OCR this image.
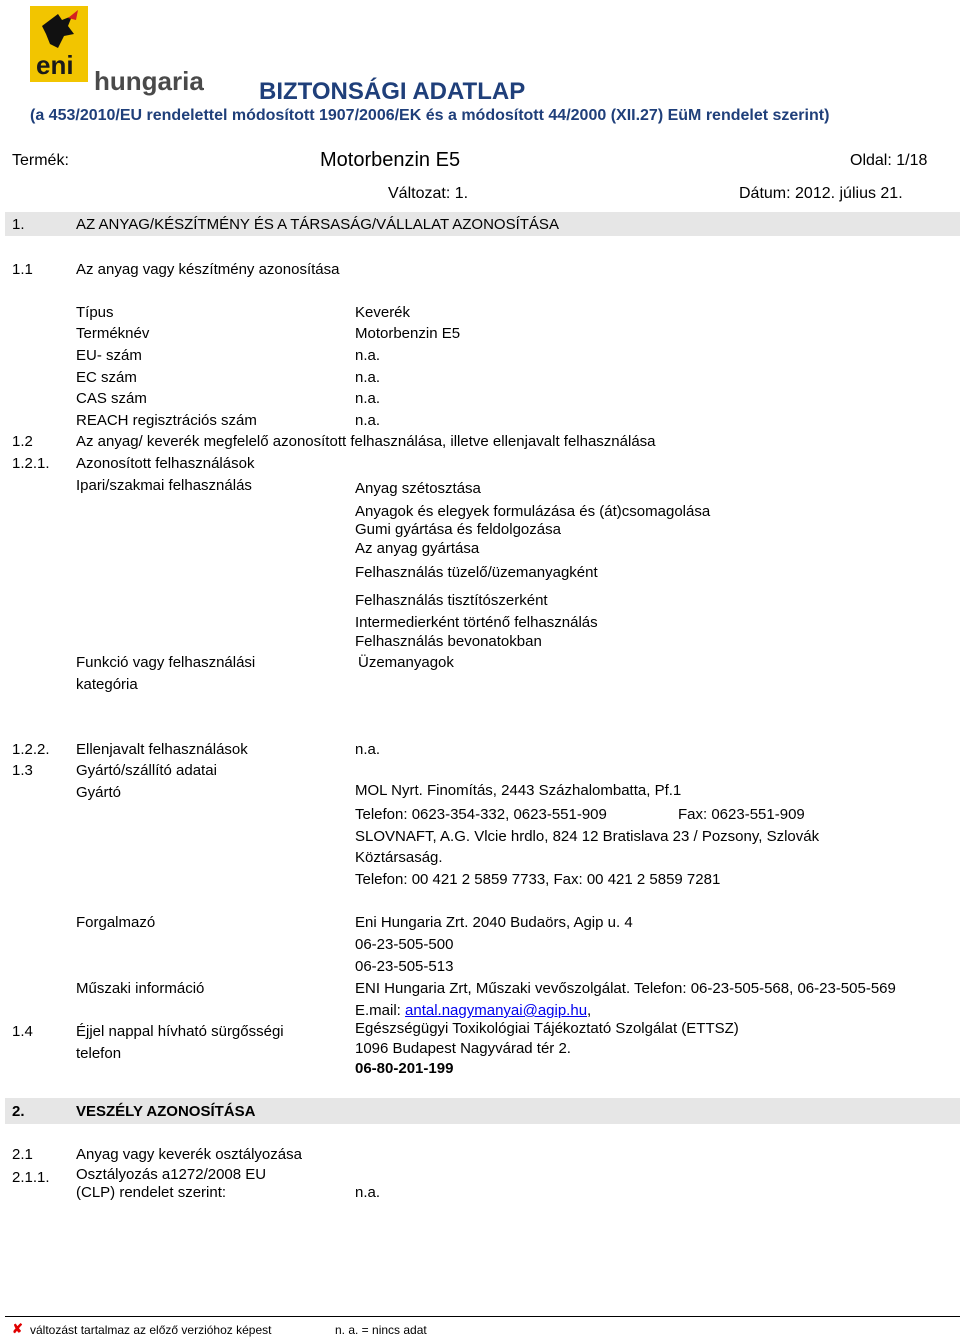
eni
hungaria BIZTONSÁGI ADATLAP
(a 453/2010/EU rendelettel módosított 1907/2006/EK és a módosított 44/2000 (XII.27) EüM rendelet szerint)
Termék:	Motorbenzin E5	Oldal: 1/18
Változat: 1.	Dátum: 2012. július 21.
1.	AZ ANYAG/KÉSZÍTMÉNY ÉS A TÁRSASÁG/VÁLLALAT AZONOSÍTÁSA
1.1	Az anyag vagy készítmény azonosítása
Típus	Keverék
Terméknév	Motorbenzin E5
EU- szám	n.a.
EC szám	n.a.
CAS szám	n.a.
REACH regisztrációs szám	n.a.
1.2	Az anyag/ keverék megfelelő azonosított felhasználása, illetve ellenjavalt felhasználása
1.2.1. Azonosított felhasználások
Ipari/szakmai felhasználás	Anyag szétosztása
Anyagok és elegyek formulázása és (át)csomagolása
Gumi gyártása és feldolgozása
Az anyag gyártása
Felhasználás tüzelő/üzemanyagként
Felhasználás tisztítószerként
Intermedierként történő felhasználás
Felhasználás bevonatokban
Funkció vagy felhasználási
kategória
Üzemanyagok
1.2.2. Ellenjavalt felhasználások	n.a.
1.3	Gyártó/szállító adatai
Gyártó	MOL Nyrt. Finomítás, 2443 Százhalombatta, Pf.1
Telefon: 0623-354-332, 0623-551-909	Fax: 0623-551-909
SLOVNAFT, A.G. Vlcie hrdlo, 824 12 Bratislava 23 / Pozsony, Szlovák
Köztársaság.
Telefon: 00 421 2 5859 7733, Fax: 00 421 2 5859 7281
Forgalmazó	Eni Hungaria Zrt. 2040 Budaörs, Agip u. 4
06-23-505-500
06-23-505-513
Műszaki információ	ENI Hungaria Zrt, Műszaki vevőszolgálat. Telefon: 06-23-505-568, 06-23-505-569
E.mail: antal.nagymanyai@agip.hu,
1.4	Éjjel nappal hívható sürgősségi
telefon
Egészségügyi Toxikológiai Tájékoztató Szolgálat (ETTSZ)
1096 Budapest Nagyvárad tér 2.
06-80-201-199
2.	VESZÉLY AZONOSÍTÁSA
2.1	Anyag vagy keverék osztályozása
2.1.1. Osztályozás a1272/2008 EU
(CLP) rendelet szerint:	n.a.
✘ változást tartalmaz az előző verzióhoz képest	n. a. = nincs adat
